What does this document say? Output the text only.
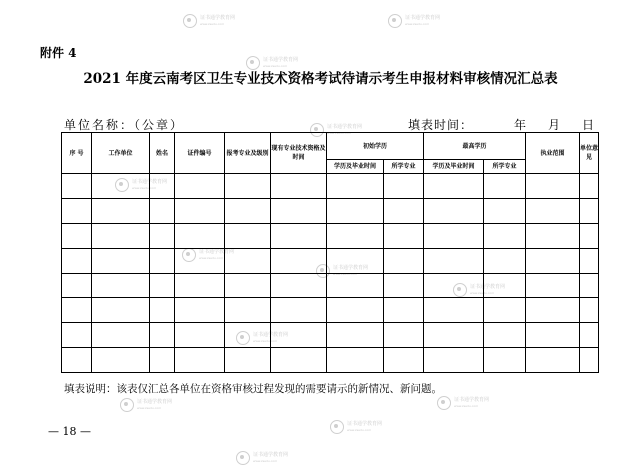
证书通学教育网
www.zsedu.com
证书通学教育网
www.zsedu.com
证书通学教育网
www.zsedu.com
证书通学教育网
www.zsedu.com
证书通学教育网
www.zsedu.com
证书通学教育网
www.zsedu.com
证书通学教育网
www.zsedu.com
证书通学教育网
www.zsedu.com
证书通学教育网
www.zsedu.com
证书通学教育网
www.zsedu.com
证书通学教育网
www.zsedu.com
证书通学教育网
www.zsedu.com
证书通学教育网
www.zsedu.com
附件 4
2021 年度云南考区卫生专业技术资格考试待请示考生申报材料审核情况汇总表
单位名称：（公章）	填表时间：	年 月 日
序 号	工作单位	姓名	证件编号	报考专业及级别	现有专业技术资格及时间	初始学历		最高学历		执业范围	单位意见
						学历及毕业时间	所学专业	学历及毕业时间	所学专业		

填表说明：该表仅汇总各单位在资格审核过程发现的需要请示的新情况、新问题。
— 18 —
